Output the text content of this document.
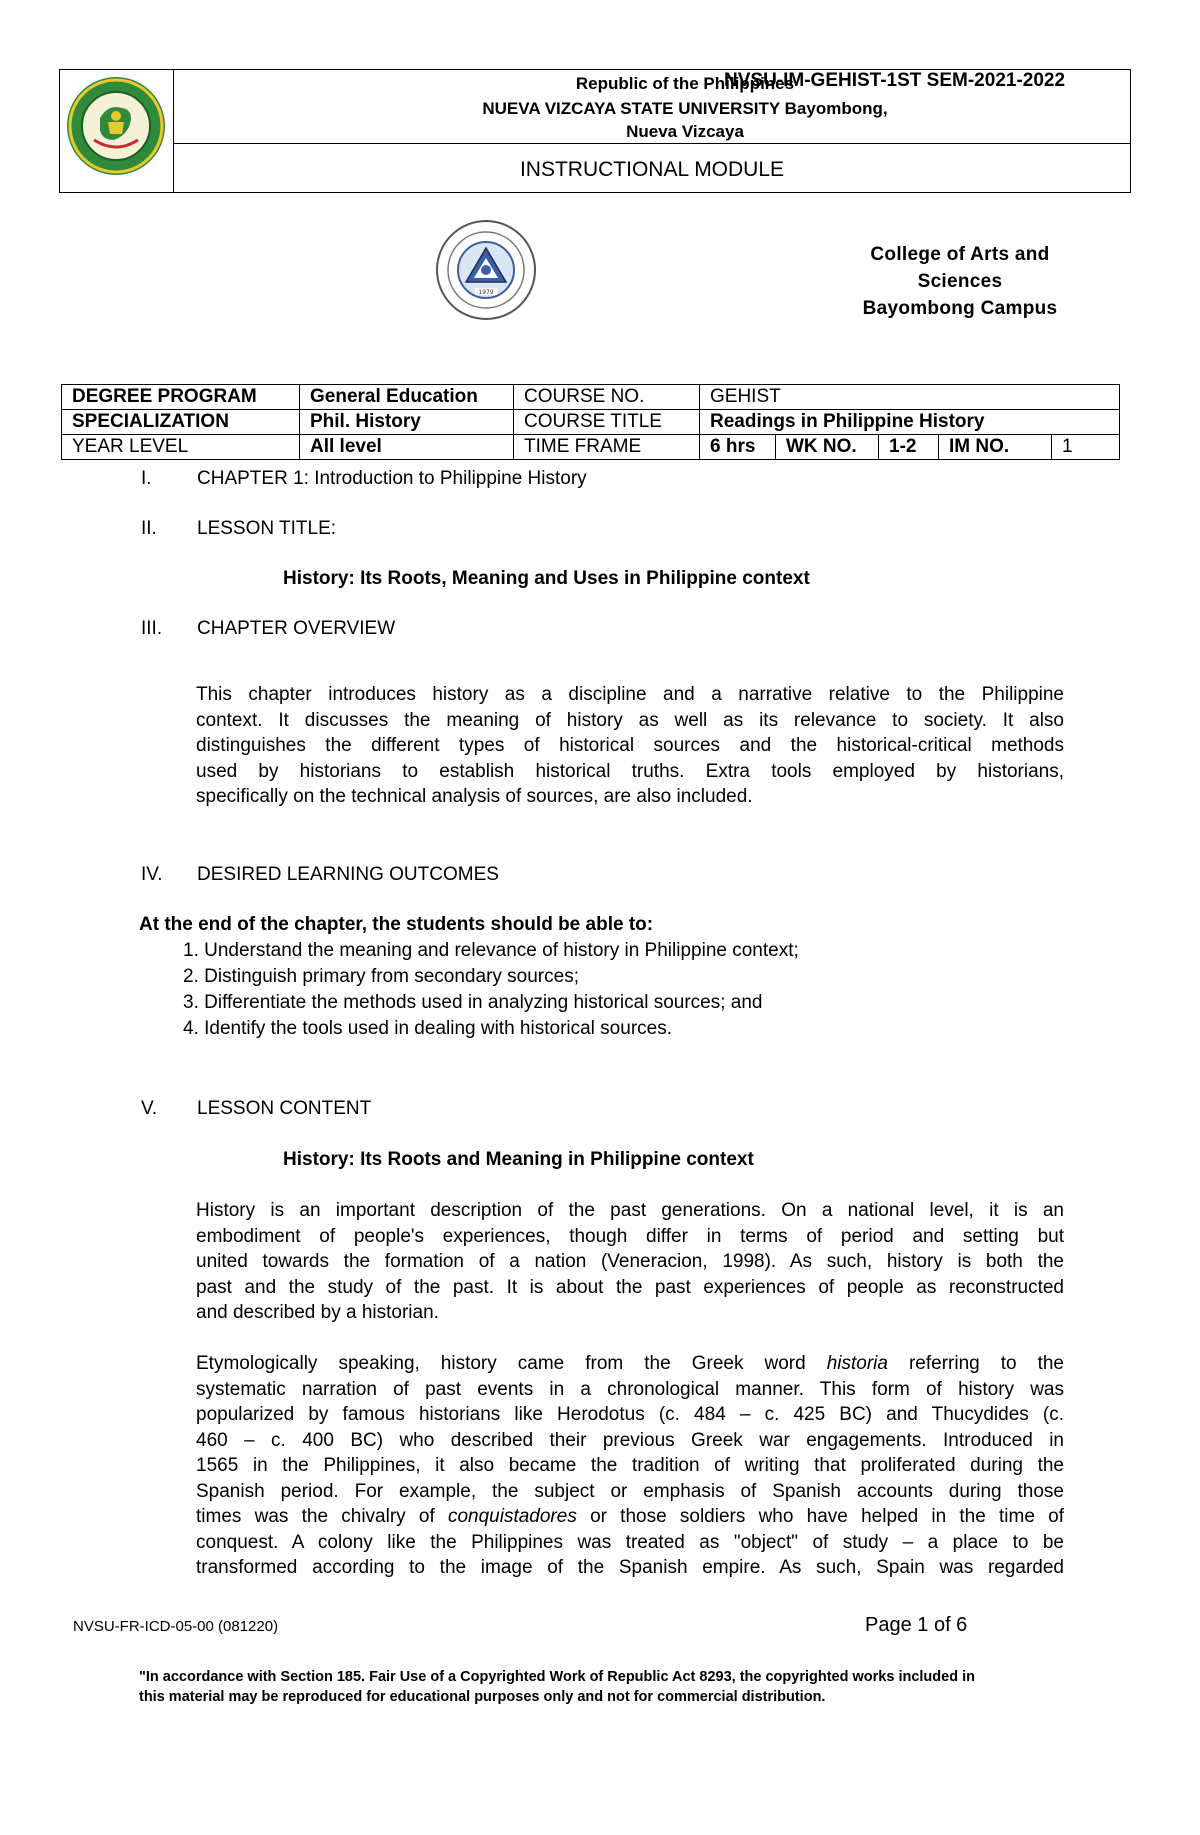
Republic of the Philippines
NVSU-IM-GEHIST-1ST SEM-2021-2022
NUEVA VIZCAYA STATE UNIVERSITY Bayombong,
Nueva Vizcaya
INSTRUCTIONAL MODULE
1979
College of Arts and
Sciences
Bayombong Campus
DEGREE PROGRAM	General Education	COURSE NO.	GEHIST				
SPECIALIZATION	Phil. History	COURSE TITLE	Readings in Philippine History				
YEAR LEVEL	All level	TIME FRAME	6 hrs	WK NO.	1-2	IM NO.	1
I. CHAPTER 1: Introduction to Philippine History
II. LESSON TITLE:
History: Its Roots, Meaning and Uses in Philippine context
III. CHAPTER OVERVIEW
This chapter introduces history as a discipline and a narrative relative to the Philippine
context. It discusses the meaning of history as well as its relevance to society. It also
distinguishes the different types of historical sources and the historical-critical methods
used by historians to establish historical truths. Extra tools employed by historians,
specifically on the technical analysis of sources, are also included.
IV. DESIRED LEARNING OUTCOMES
At the end of the chapter, the students should be able to:
1. Understand the meaning and relevance of history in Philippine context;
2. Distinguish primary from secondary sources;
3. Differentiate the methods used in analyzing historical sources; and
4. Identify the tools used in dealing with historical sources.
V. LESSON CONTENT
History: Its Roots and Meaning in Philippine context
History is an important description of the past generations. On a national level, it is an
embodiment of people's experiences, though differ in terms of period and setting but
united towards the formation of a nation (Veneracion, 1998). As such, history is both the
past and the study of the past. It is about the past experiences of people as reconstructed
and described by a historian.
Etymologically speaking, history came from the Greek word historia referring to the
systematic narration of past events in a chronological manner. This form of history was
popularized by famous historians like Herodotus (c. 484 – c. 425 BC) and Thucydides (c.
460 – c. 400 BC) who described their previous Greek war engagements. Introduced in
1565 in the Philippines, it also became the tradition of writing that proliferated during the
Spanish period. For example, the subject or emphasis of Spanish accounts during those
times was the chivalry of conquistadores or those soldiers who have helped in the time of
conquest. A colony like the Philippines was treated as "object" of study – a place to be
transformed according to the image of the Spanish empire. As such, Spain was regarded
NVSU-FR-ICD-05-00 (081220)	Page 1 of 6
"In accordance with Section 185. Fair Use of a Copyrighted Work of Republic Act 8293, the copyrighted works included in
this material may be reproduced for educational purposes only and not for commercial distribution.
